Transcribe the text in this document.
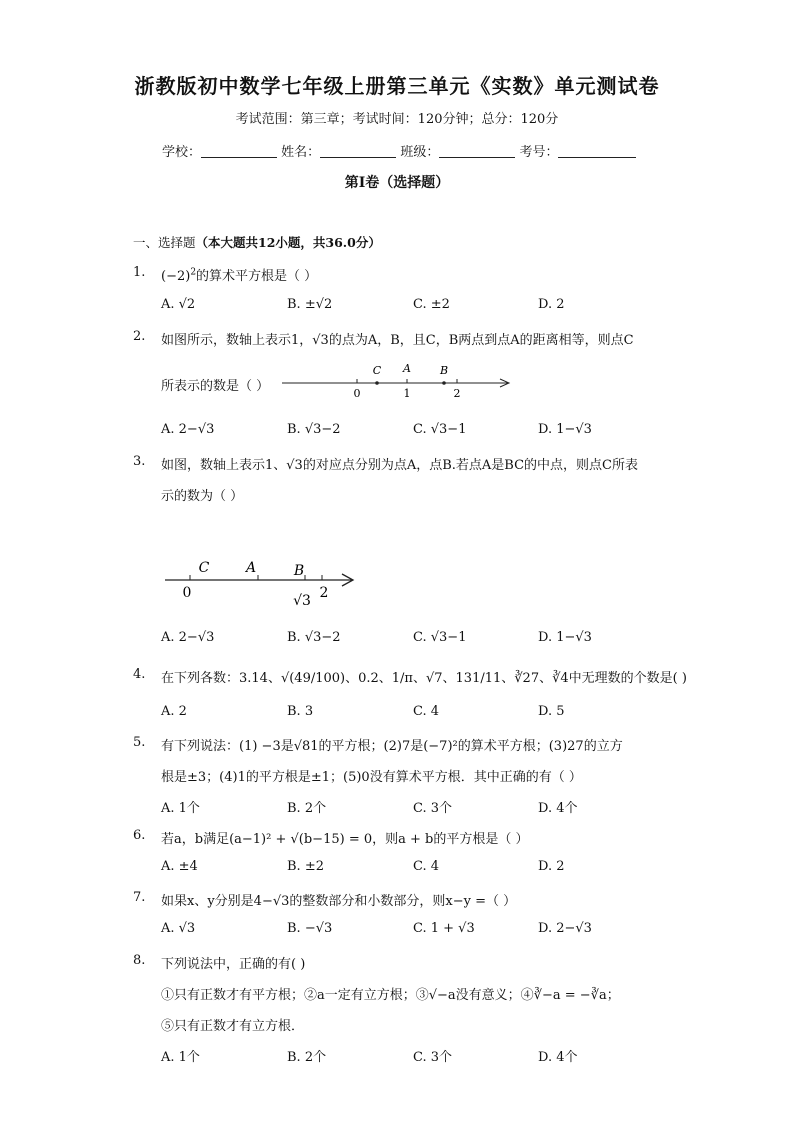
浙教版初中数学七年级上册第三单元《实数》单元测试卷
考试范围：第三章；考试时间：120分钟；总分：120分
学校：	姓名：	班级：	考号：
第I卷（选择题）
一、选择题（本大题共12小题，共36.0分）
1. $(-2)^2$的算术平方根是（ ）
A. √2	B. ±√2	C. ±2	D. 2
2. 如图所示，数轴上表示1，√3的点为A，B，且C，B两点到点A的距离相等，则点C
所表示的数是（ ）
C A	B
0	1	2
A. 2−√3	B. √3−2	C. √3−1	D. 1−√3
3. 如图，数轴上表示1、√3的对应点分别为点A，点B.若点A是BC的中点，则点C所表
示的数为（ ）
C	A	B
0	√3 2
A. 2−√3	B. √3−2	C. √3−1	D. 1−√3
4. 在下列各数：3.14、√(49/100)、0.2、1/π、√7、131/11、∛27、∛4中无理数的个数是( )
A. 2	B. 3	C. 4	D. 5
5. 有下列说法：(1) −3是√81的平方根；(2)7是(−7)²的算术平方根；(3)27的立方
根是±3；(4)1的平方根是±1；(5)0没有算术平方根．其中正确的有（ ）
A. 1个	B. 2个	C. 3个	D. 4个
6. 若a，b满足(a−1)² + √(b−15) = 0，则a + b的平方根是（ ）
A. ±4	B. ±2	C. 4	D. 2
7. 如果x、y分别是4−√3的整数部分和小数部分，则x−y =（ ）
A. √3	B. −√3	C. 1 + √3	D. 2−√3
8. 下列说法中，正确的有( )
①只有正数才有平方根；②a一定有立方根；③√−a没有意义；④∛−a = −∛a；
⑤只有正数才有立方根．
A. 1个	B. 2个	C. 3个	D. 4个
